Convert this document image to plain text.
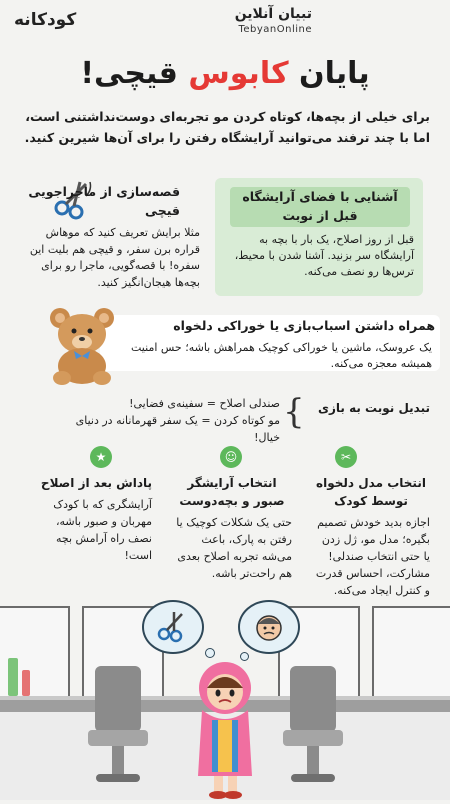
کودکانه	تبیان آنلاین
TebyanOnline
پایان کابوس قیچی!
برای خیلی از بچه‌ها، کوتاه کردن مو تجربه‌ای دوست‌نداشتنی است، اما با چند ترفند می‌توانید آرایشگاه رفتن را برای آن‌ها شیرین کنید.
آشنایی با فضای آرایشگاه قبل از نوبت
قبل از روز اصلاح، یک بار با بچه به آرایشگاه سر بزنید. آشنا شدن با محیط، ترس‌ها رو نصف می‌کنه.
قصه‌سازی از ماجراجویی قیچی
مثلا برایش تعریف کنید که موهاش قراره برن سفر، و قیچی هم بلیت این سفره! با قصه‌گویی، ماجرا رو برای بچه‌ها هیجان‌انگیز کنید.
همراه داشتن اسباب‌بازی یا خوراکی دلخواه
یک عروسک، ماشین یا خوراکی کوچیک همراهش باشه؛ حس امنیت همیشه معجزه می‌کنه.
تبدیل نوبت به بازی
{
صندلی اصلاح = سفینه‌ی فضایی!
مو کوتاه کردن = یک سفر قهرمانانه در دنیای خیال!
✂
☺
★
انتخاب مدل دلخواه توسط کودک
اجازه بدید خودش تصمیم بگیره؛ مدل مو، ژل زدن یا حتی انتخاب صندلی! مشارکت، احساس قدرت و کنترل ایجاد می‌کنه.
انتخاب آرایشگر صبور و بچه‌دوست
حتی یک شکلات کوچیک یا رفتن به پارک، باعث می‌شه تجربه اصلاح بعدی هم راحت‌تر باشه.
پاداش بعد از اصلاح
آرایشگری که با کودک مهربان و صبور باشه، نصف راه آرامش بچه است!
